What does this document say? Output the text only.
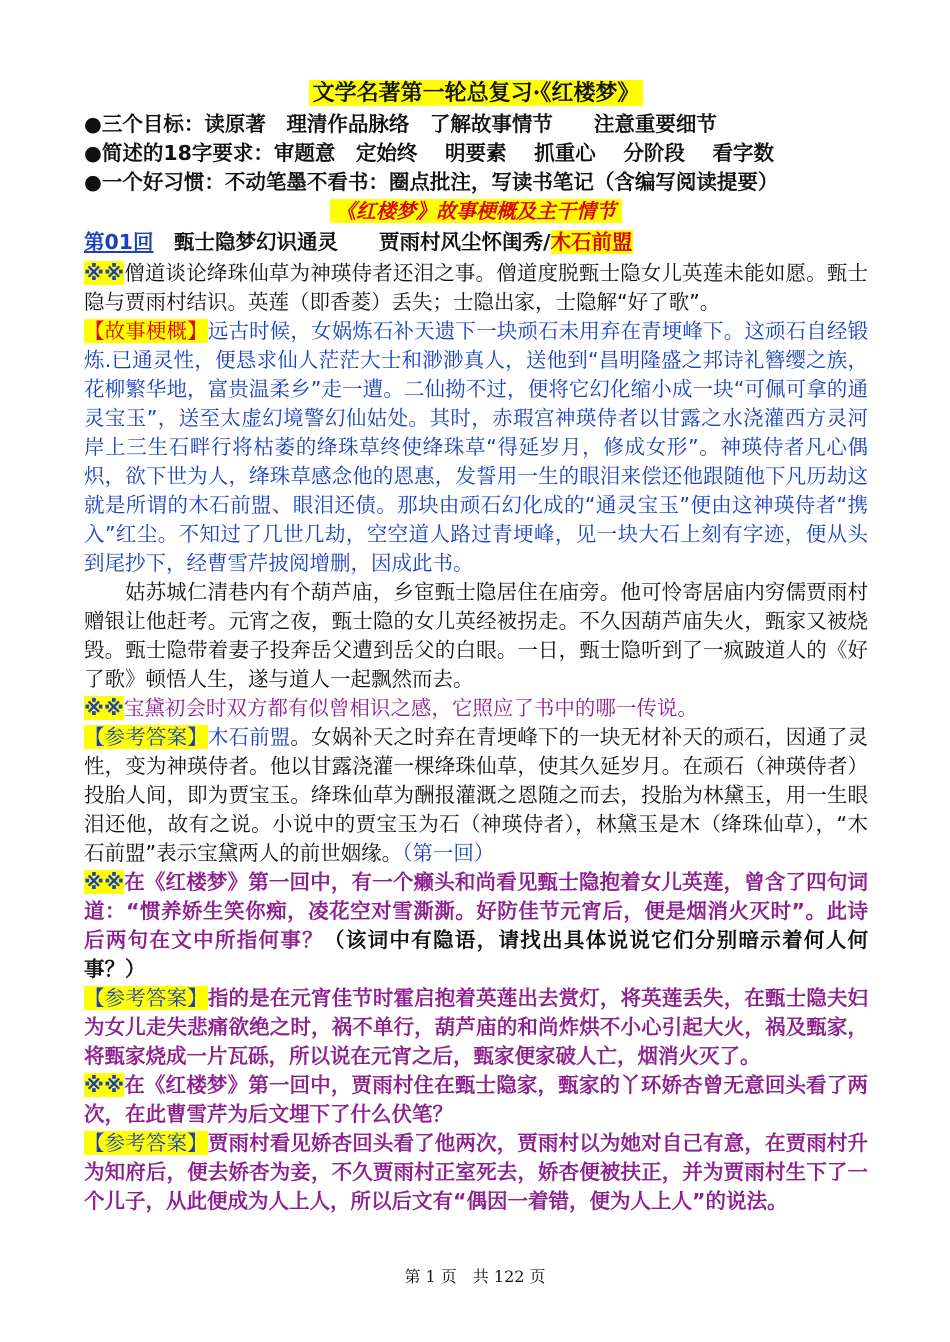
文学名著第一轮总复习·《红楼梦》

●三个目标：读原著　理清作品脉络　了解故事情节　　注意重要细节

●简述的18字要求：审题意　定始终　 明要素　 抓重心　 分阶段　 看字数

●一个好习惯：不动笔墨不看书：圈点批注，写读书笔记（含编写阅读提要）

《红楼梦》故事梗概及主干情节

第01回　甄士隐梦幻识通灵　　贾雨村风尘怀闺秀/木石前盟

※※僧道谈论绛珠仙草为神瑛侍者还泪之事。僧道度脱甄士隐女儿英莲未能如愿。甄士隐与贾雨村结识。英莲（即香菱）丢失；士隐出家，士隐解“好了歌”。

【故事梗概】远古时候，女娲炼石补天遗下一块顽石未用弃在青埂峰下。这顽石自经锻炼.已通灵性，便恳求仙人茫茫大士和渺渺真人，送他到“昌明隆盛之邦诗礼簪缨之族，花柳繁华地，富贵温柔乡”走一遭。二仙拗不过，便将它幻化缩小成一块“可佩可拿的通灵宝玉”，送至太虚幻境警幻仙姑处。其时，赤瑕宫神瑛侍者以甘露之水浇灌西方灵河岸上三生石畔行将枯萎的绛珠草终使绛珠草“得延岁月，修成女形”。神瑛侍者凡心偶炽，欲下世为人，绛珠草感念他的恩惠，发誓用一生的眼泪来偿还他跟随他下凡历劫这就是所谓的木石前盟、眼泪还债。那块由顽石幻化成的“通灵宝玉”便由这神瑛侍者“携入”红尘。不知过了几世几劫，空空道人路过青埂峰，见一块大石上刻有字迹，便从头到尾抄下，经曹雪芹披阅增删，因成此书。

姑苏城仁清巷内有个葫芦庙，乡宦甄士隐居住在庙旁。他可怜寄居庙内穷儒贾雨村赠银让他赶考。元宵之夜，甄士隐的女儿英经被拐走。不久因葫芦庙失火，甄家又被烧毁。甄士隐带着妻子投奔岳父遭到岳父的白眼。一日，甄士隐听到了一疯跛道人的《好了歌》顿悟人生，遂与道人一起飘然而去。

※※宝黛初会时双方都有似曾相识之感，它照应了书中的哪一传说。

【参考答案】木石前盟。女娲补天之时弃在青埂峰下的一块无材补天的顽石，因通了灵性，变为神瑛侍者。他以甘露浇灌一棵绛珠仙草，使其久延岁月。在顽石（神瑛侍者）投胎人间，即为贾宝玉。绛珠仙草为酬报灌溉之恩随之而去，投胎为林黛玉，用一生眼泪还他，故有之说。小说中的贾宝玉为石（神瑛侍者），林黛玉是木（绛珠仙草），“木石前盟”表示宝黛两人的前世姻缘。（第一回）

※※在《红楼梦》第一回中，有一个癞头和尚看见甄士隐抱着女儿英莲，曾含了四句词道：“惯养娇生笑你痴，凌花空对雪澌澌。好防佳节元宵后，便是烟消火灭时”。此诗后两句在文中所指何事？（该词中有隐语，请找出具体说说它们分别暗示着何人何事？）

【参考答案】指的是在元宵佳节时霍启抱着英莲出去赏灯，将英莲丢失，在甄士隐夫妇为女儿走失悲痛欲绝之时，祸不单行，葫芦庙的和尚炸烘不小心引起大火，祸及甄家，将甄家烧成一片瓦砾，所以说在元宵之后，甄家便家破人亡，烟消火灭了。

※※在《红楼梦》第一回中，贾雨村住在甄士隐家，甄家的丫环娇杏曾无意回头看了两次，在此曹雪芹为后文埋下了什么伏笔？

【参考答案】贾雨村看见娇杏回头看了他两次，贾雨村以为她对自己有意，在贾雨村升为知府后，便去娇杏为妾，不久贾雨村正室死去，娇杏便被扶正，并为贾雨村生下了一个儿子，从此便成为人上人，所以后文有“偶因一着错，便为人上人”的说法。

第 1 页　共 122 页
